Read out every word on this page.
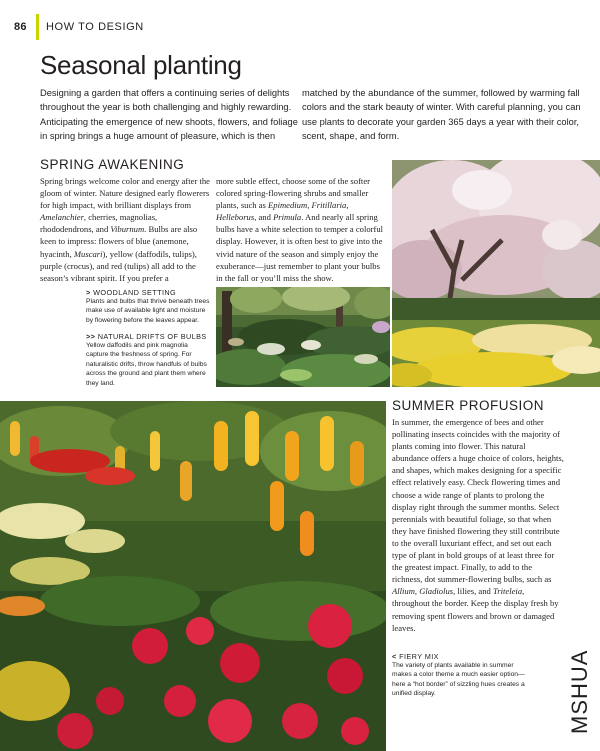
86 HOW TO DESIGN
Seasonal planting
Designing a garden that offers a continuing series of delights throughout the year is both challenging and highly rewarding. Anticipating the emergence of new shoots, flowers, and foliage in spring brings a huge amount of pleasure, which is then
matched by the abundance of the summer, followed by warming fall colors and the stark beauty of winter. With careful planning, you can use plants to decorate your garden 365 days a year with their color, scent, shape, and form.
SPRING AWAKENING
Spring brings welcome color and energy after the gloom of winter. Nature designed early flowerers for high impact, with brilliant displays from Amelanchier, cherries, magnolias, rhododendrons, and Viburnum. Bulbs are also keen to impress: flowers of blue (anemone, hyacinth, Muscari), yellow (daffodils, tulips), purple (crocus), and red (tulips) all add to the season’s vibrant spirit. If you prefer a
more subtle effect, choose some of the softer colored spring-flowering shrubs and smaller plants, such as Epimedium, Fritillaria, Helleborus, and Primula. And nearly all spring bulbs have a white selection to temper a colorful display. However, it is often best to give into the vivid nature of the season and simply enjoy the exuberance—just remember to plant your bulbs in the fall or you’ll miss the show.
> WOODLAND SETTING
Plants and bulbs that thrive beneath trees make use of available light and moisture by flowering before the leaves appear.
>> NATURAL DRIFTS OF BULBS
Yellow daffodils and pink magnolia capture the freshness of spring. For naturalistic drifts, throw handfuls of bulbs across the ground and plant them where they land.
SUMMER PROFUSION
In summer, the emergence of bees and other pollinating insects coincides with the majority of plants coming into flower. This natural abundance offers a huge choice of colors, heights, and shapes, which makes designing for a specific effect relatively easy. Check flowering times and choose a wide range of plants to prolong the display right through the summer months. Select perennials with beautiful foliage, so that when they have finished flowering they still contribute to the overall luxuriant effect, and set out each type of plant in bold groups of at least three for the greatest impact. Finally, to add to the richness, dot summer-flowering bulbs, such as Allium, Gladiolus, lilies, and Triteleia, throughout the border. Keep the display fresh by removing spent flowers and brown or damaged leaves.
< FIERY MIX
The variety of plants available in summer makes a color theme a much easier option—here a “hot border” of sizzling hues creates a unified display.	MSHUA
